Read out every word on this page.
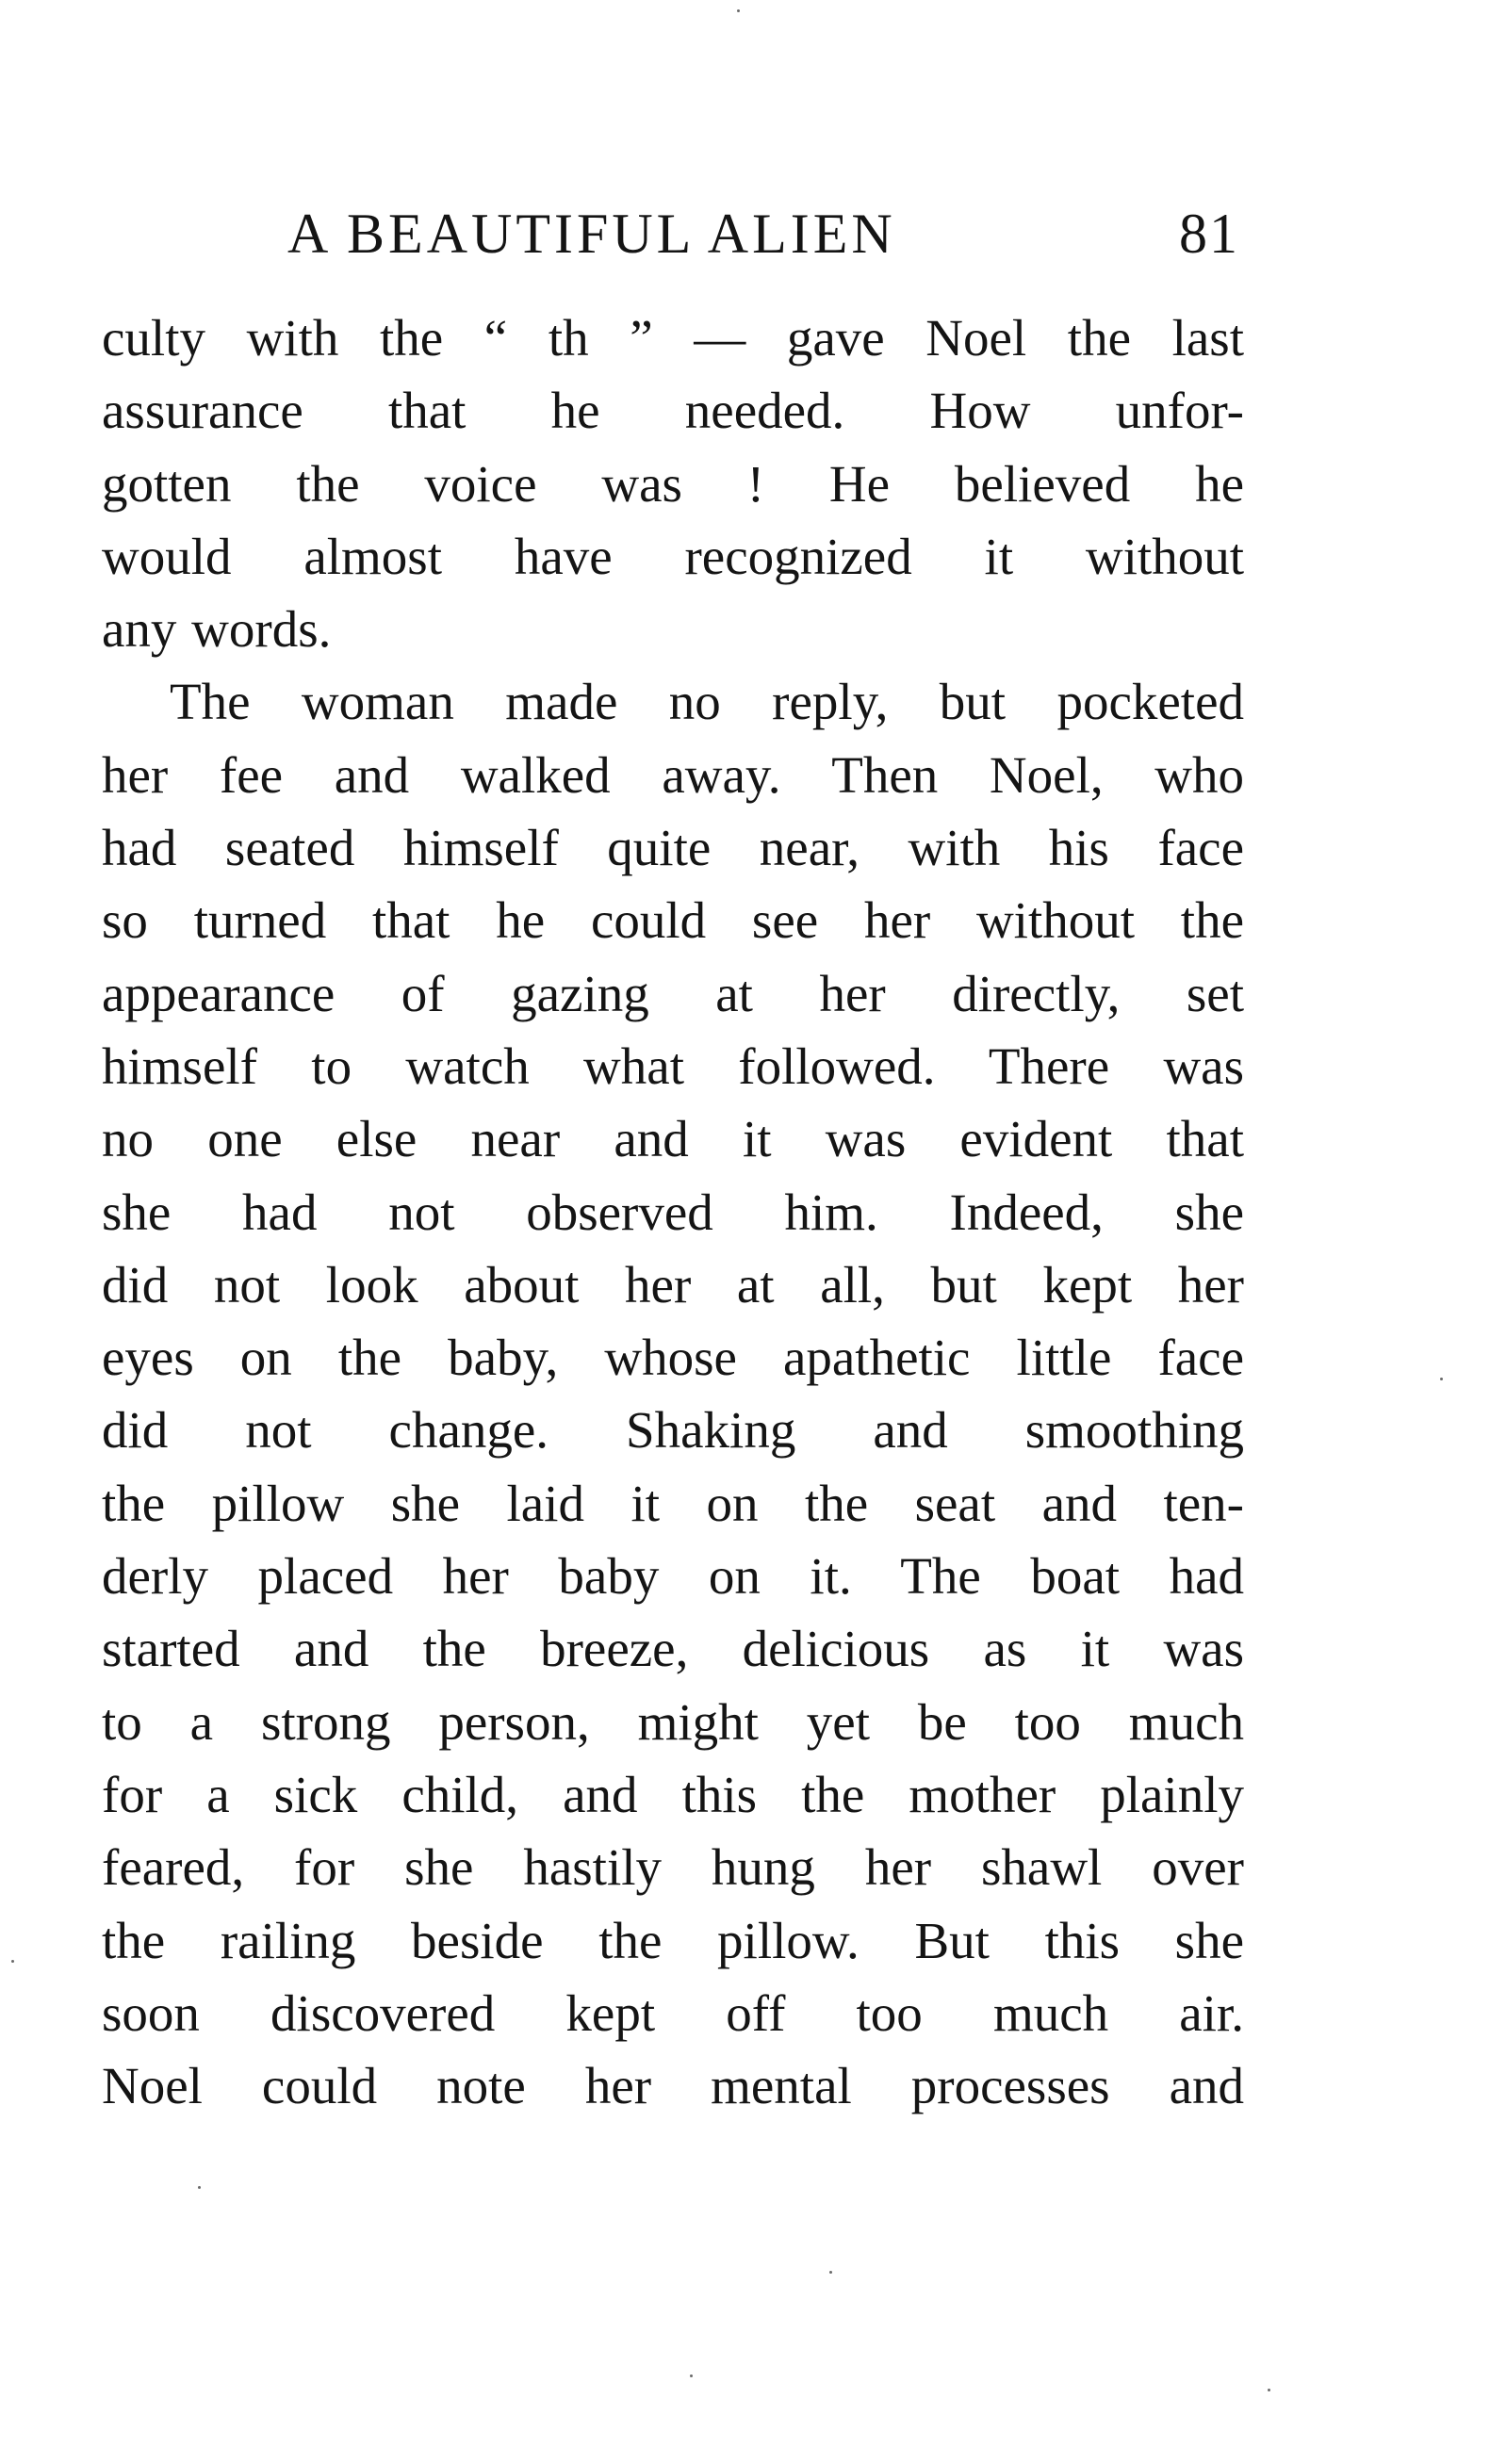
A BEAUTIFUL ALIEN	81
culty with the “ th ” — gave Noel the last
assurance that he needed. How unfor-
gotten the voice was ! He believed he
would almost have recognized it without
any words.
The woman made no reply, but pocketed
her fee and walked away. Then Noel, who
had seated himself quite near, with his face
so turned that he could see her without the
appearance of gazing at her directly, set
himself to watch what followed. There was
no one else near and it was evident that
she had not observed him. Indeed, she
did not look about her at all, but kept her
eyes on the baby, whose apathetic little face
did not change. Shaking and smoothing
the pillow she laid it on the seat and ten-
derly placed her baby on it. The boat had
started and the breeze, delicious as it was
to a strong person, might yet be too much
for a sick child, and this the mother plainly
feared, for she hastily hung her shawl over
the railing beside the pillow. But this she
soon discovered kept off too much air.
Noel could note her mental processes and
